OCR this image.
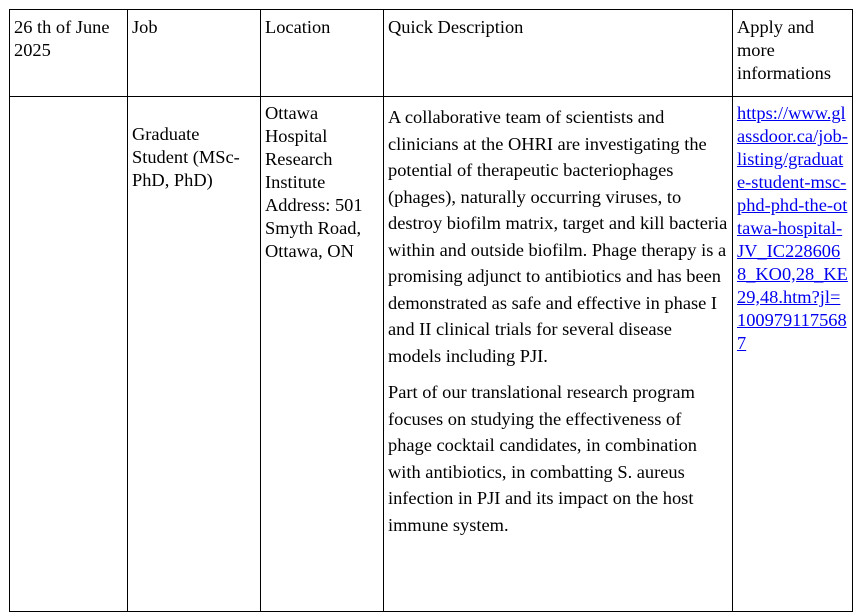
26 th of June 2025	Job	Location	Quick Description	Apply and more informations
	Graduate Student (MSc-PhD, PhD)	Ottawa Hospital Research Institute Address: 501 Smyth Road, Ottawa, ON	A collaborative team of scientists and clinicians at the OHRI are investigating the potential of therapeutic bacteriophages (phages), naturally occurring viruses, to destroy biofilm matrix, target and kill bacteria within and outside biofilm. Phage therapy is a promising adjunct to antibiotics and has been demonstrated as safe and effective in phase I and II clinical trials for several disease models including PJI.

Part of our translational research program focuses on studying the effectiveness of phage cocktail candidates, in combination with antibiotics, in combatting S. aureus infection in PJI and its impact on the host immune system.	https://www.glassdoor.ca/job-listing/graduate-student-msc-phd-phd-the-ottawa-hospital-JV_IC2286068_KO0,28_KE29,48.htm?jl=1009791175687
